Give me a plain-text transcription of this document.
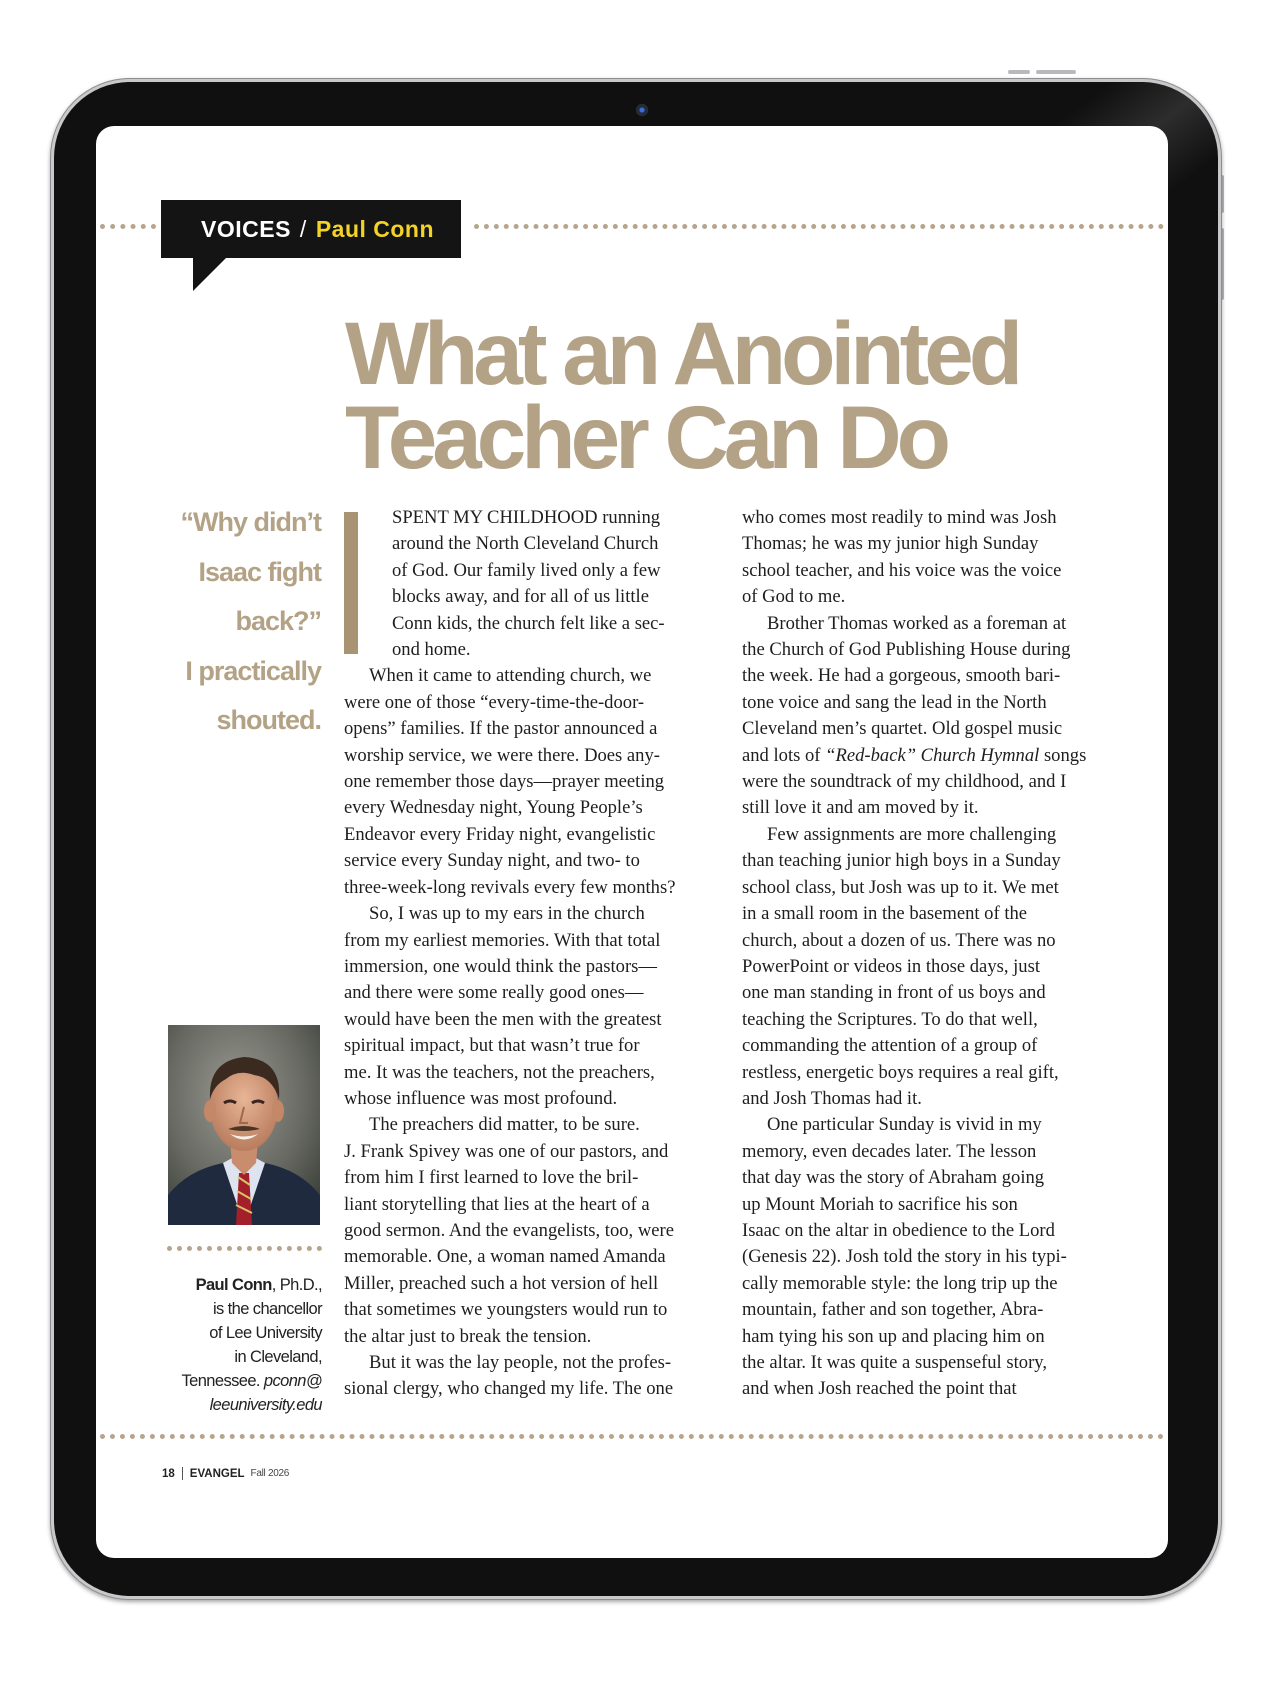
VOICES / Paul Conn
What an Anointed
Teacher Can Do
“Why didn’t
Isaac fight
back?”
I practically
shouted.
Paul Conn, Ph.D.,
is the chancellor
of Lee University
in Cleveland,
Tennessee. pconn@
leeuniversity.edu
SPENT MY CHILDHOOD running
around the North Cleveland Church
of God. Our family lived only a few
blocks away, and for all of us little
Conn kids, the church felt like a sec-
ond home.
When it came to attending church, we
were one of those “every-time-the-door-
opens” families. If the pastor announced a
worship service, we were there. Does any-
one remember those days—prayer meeting
every Wednesday night, Young People’s
Endeavor every Friday night, evangelistic
service every Sunday night, and two- to
three-week-long revivals every few months?
So, I was up to my ears in the church
from my earliest memories. With that total
immersion, one would think the pastors—
and there were some really good ones—
would have been the men with the greatest
spiritual impact, but that wasn’t true for
me. It was the teachers, not the preachers,
whose influence was most profound.
The preachers did matter, to be sure.
J. Frank Spivey was one of our pastors, and
from him I first learned to love the bril-
liant storytelling that lies at the heart of a
good sermon. And the evangelists, too, were
memorable. One, a woman named Amanda
Miller, preached such a hot version of hell
that sometimes we youngsters would run to
the altar just to break the tension.
But it was the lay people, not the profes-
sional clergy, who changed my life. The one
who comes most readily to mind was Josh
Thomas; he was my junior high Sunday
school teacher, and his voice was the voice
of God to me.
Brother Thomas worked as a foreman at
the Church of God Publishing House during
the week. He had a gorgeous, smooth bari-
tone voice and sang the lead in the North
Cleveland men’s quartet. Old gospel music
and lots of “Red-back” Church Hymnal songs
were the soundtrack of my childhood, and I
still love it and am moved by it.
Few assignments are more challenging
than teaching junior high boys in a Sunday
school class, but Josh was up to it. We met
in a small room in the basement of the
church, about a dozen of us. There was no
PowerPoint or videos in those days, just
one man standing in front of us boys and
teaching the Scriptures. To do that well,
commanding the attention of a group of
restless, energetic boys requires a real gift,
and Josh Thomas had it.
One particular Sunday is vivid in my
memory, even decades later. The lesson
that day was the story of Abraham going
up Mount Moriah to sacrifice his son
Isaac on the altar in obedience to the Lord
(Genesis 22). Josh told the story in his typi-
cally memorable style: the long trip up the
mountain, father and son together, Abra-
ham tying his son up and placing him on
the altar. It was quite a suspenseful story,
and when Josh reached the point that
18 EVANGEL Fall 2026
